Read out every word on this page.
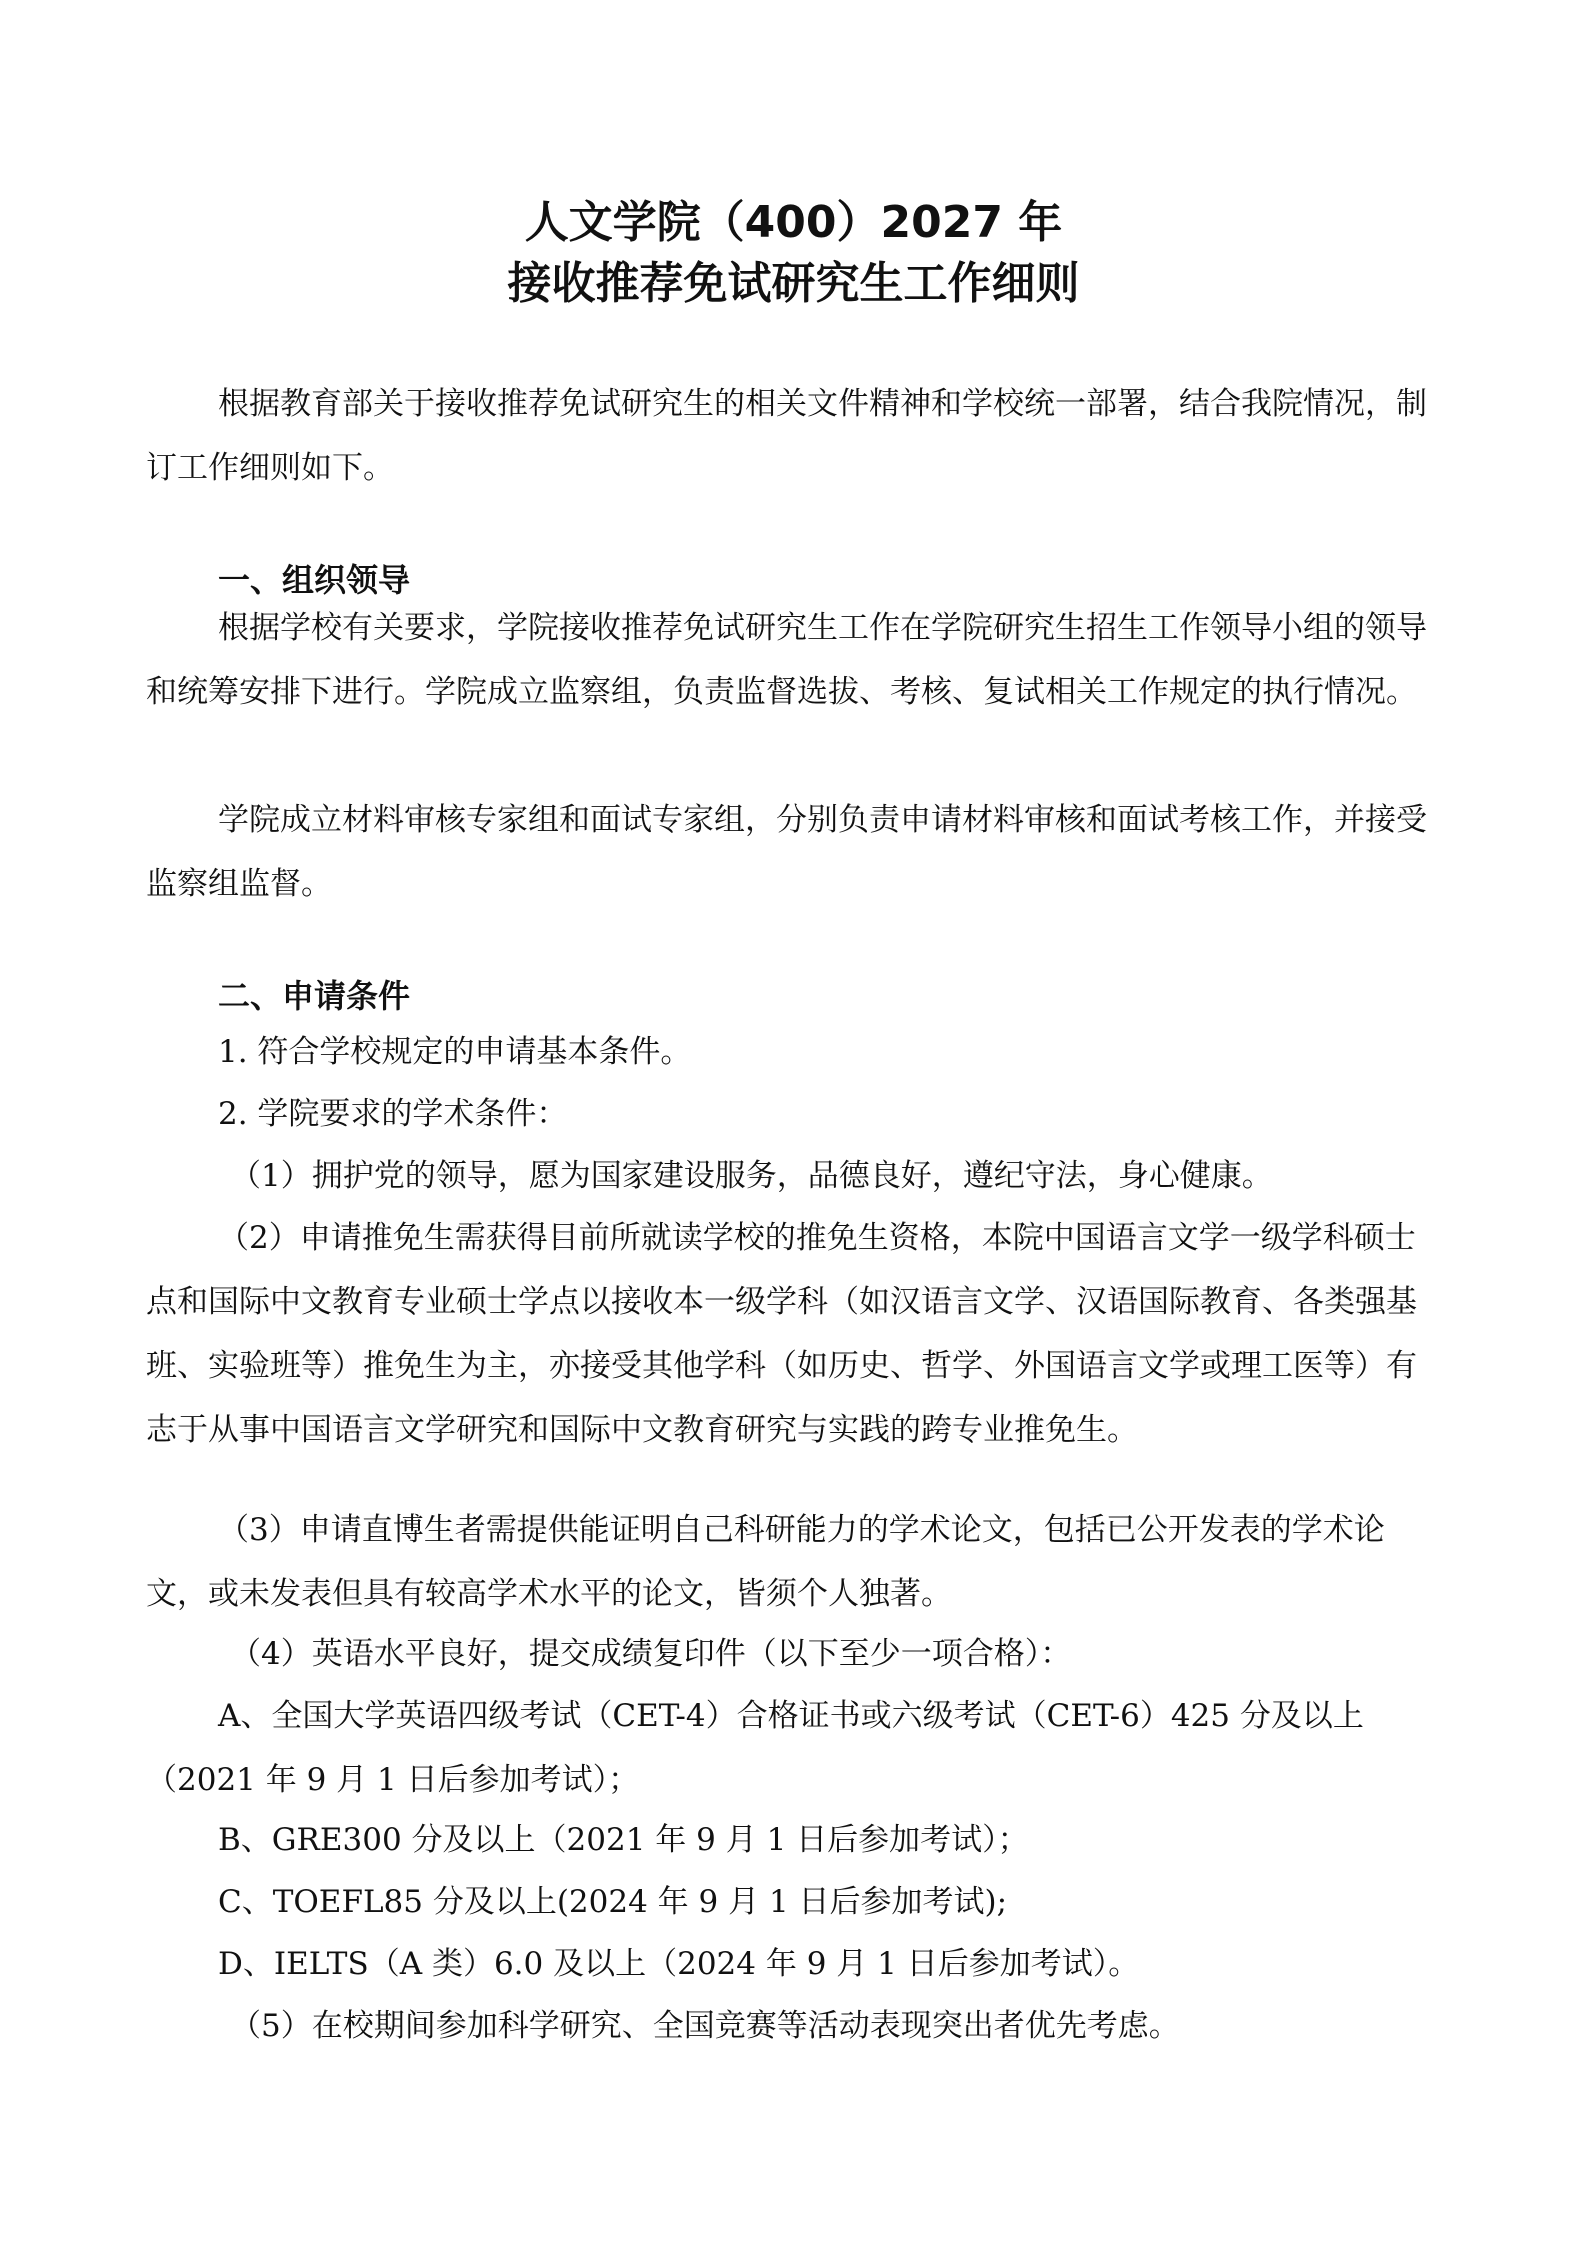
人文学院（400）2027 年
接收推荐免试研究生工作细则

根据教育部关于接收推荐免试研究生的相关文件精神和学校统一部署，结合我院情况，制订工作细则如下。

一、组织领导

根据学校有关要求，学院接收推荐免试研究生工作在学院研究生招生工作领导小组的领导和统筹安排下进行。学院成立监察组，负责监督选拔、考核、复试相关工作规定的执行情况。

学院成立材料审核专家组和面试专家组，分别负责申请材料审核和面试考核工作，并接受监察组监督。

二、申请条件

1. 符合学校规定的申请基本条件。

2. 学院要求的学术条件：

（1）拥护党的领导，愿为国家建设服务，品德良好，遵纪守法，身心健康。

（2）申请推免生需获得目前所就读学校的推免生资格，本院中国语言文学一级学科硕士点和国际中文教育专业硕士学点以接收本一级学科（如汉语言文学、汉语国际教育、各类强基班、实验班等）推免生为主，亦接受其他学科（如历史、哲学、外国语言文学或理工医等）有志于从事中国语言文学研究和国际中文教育研究与实践的跨专业推免生。

（3）申请直博生者需提供能证明自己科研能力的学术论文，包括已公开发表的学术论文，或未发表但具有较高学术水平的论文，皆须个人独著。

（4）英语水平良好，提交成绩复印件（以下至少一项合格）：

A、全国大学英语四级考试（CET-4）合格证书或六级考试（CET-6）425 分及以上（2021 年 9 月 1 日后参加考试）；

B、GRE300 分及以上（2021 年 9 月 1 日后参加考试）；

C、TOEFL85 分及以上(2024 年 9 月 1 日后参加考试);

D、IELTS（A 类）6.0 及以上（2024 年 9 月 1 日后参加考试）。

（5）在校期间参加科学研究、全国竞赛等活动表现突出者优先考虑。
